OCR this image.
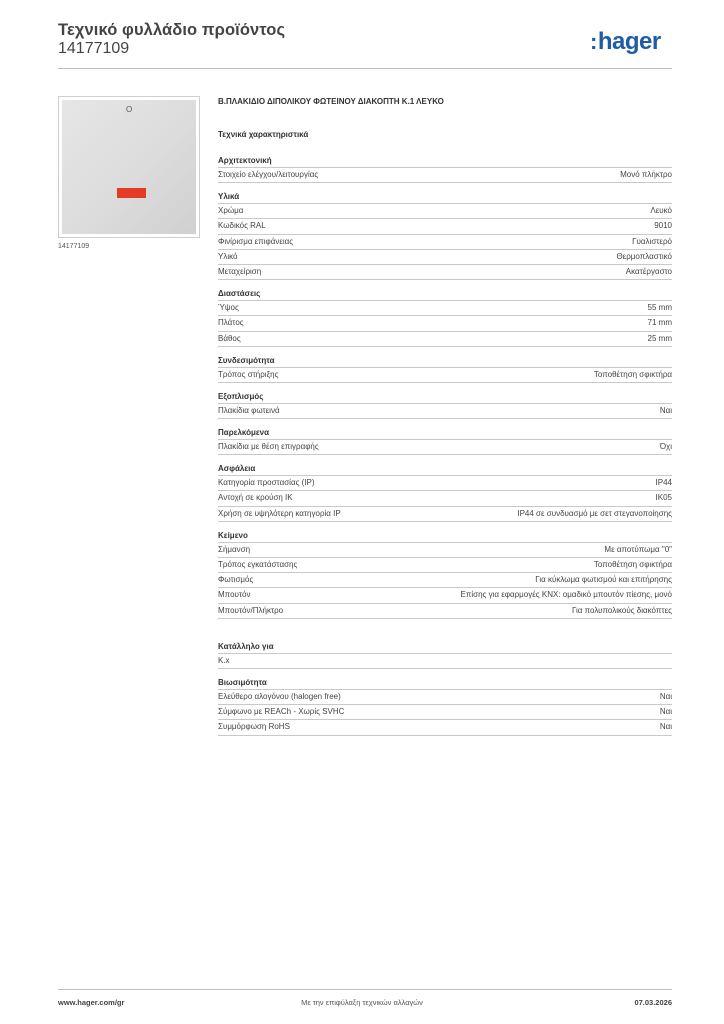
Τεχνικό φυλλάδιο προϊόντος
14177109	:hager
O
14177109
Β.ΠΛΑΚΙΔΙΟ ΔΙΠΟΛΙΚΟΥ ΦΩΤΕΙΝΟΥ ΔΙΑΚΟΠΤΗ Κ.1 ΛΕΥΚΟ
Τεχνικά χαρακτηριστικά
Αρχιτεκτονική
Στοιχείο ελέγχου/λειτουργίας	Μονό πλήκτρο
Υλικά
Χρώμα	Λευκό
Κωδικός RAL	9010
Φινίρισμα επιφάνειας	Γυαλιστερό
Υλικό	Θερμοπλαστικό
Μεταχείριση	Ακατέργαστο
Διαστάσεις
Ύψος	55 mm
Πλάτος	71 mm
Βάθος	25 mm
Συνδεσιμότητα
Τρόπος στήριξης	Τοποθέτηση σφικτήρα
Εξοπλισμός
Πλακίδια φωτεινά	Ναι
Παρελκόμενα
Πλακίδια με θέση επιγραφής	Όχι
Ασφάλεια
Κατηγορία προστασίας (IP)	IP44
Αντοχή σε κρούση IK	IK05
Χρήση σε υψηλότερη κατηγορία IP	IP44 σε συνδυασμό με σετ στεγανοποίησης
Κείμενο
Σήμανση	Με αποτύπωμα "0"
Τρόπος εγκατάστασης	Τοποθέτηση σφικτήρα
Φωτισμός	Για κύκλωμα φωτισμού και επιτήρησης
Μπουτόν	Επίσης για εφαρμογές KNX: ομαδικό μπουτόν πίεσης, μονό
Μπουτόν/Πλήκτρο	Για πολυπολικούς διακόπτες
Κατάλληλο για
K.x
Βιωσιμότητα
Ελεύθερο αλογόνου (halogen free)	Ναι
Σύμφωνο με REACh - Χωρίς SVHC	Ναι
Συμμόρφωση RoHS	Ναι
www.hager.com/gr	Με την επιφύλαξη τεχνικών αλλαγών	07.03.2026
